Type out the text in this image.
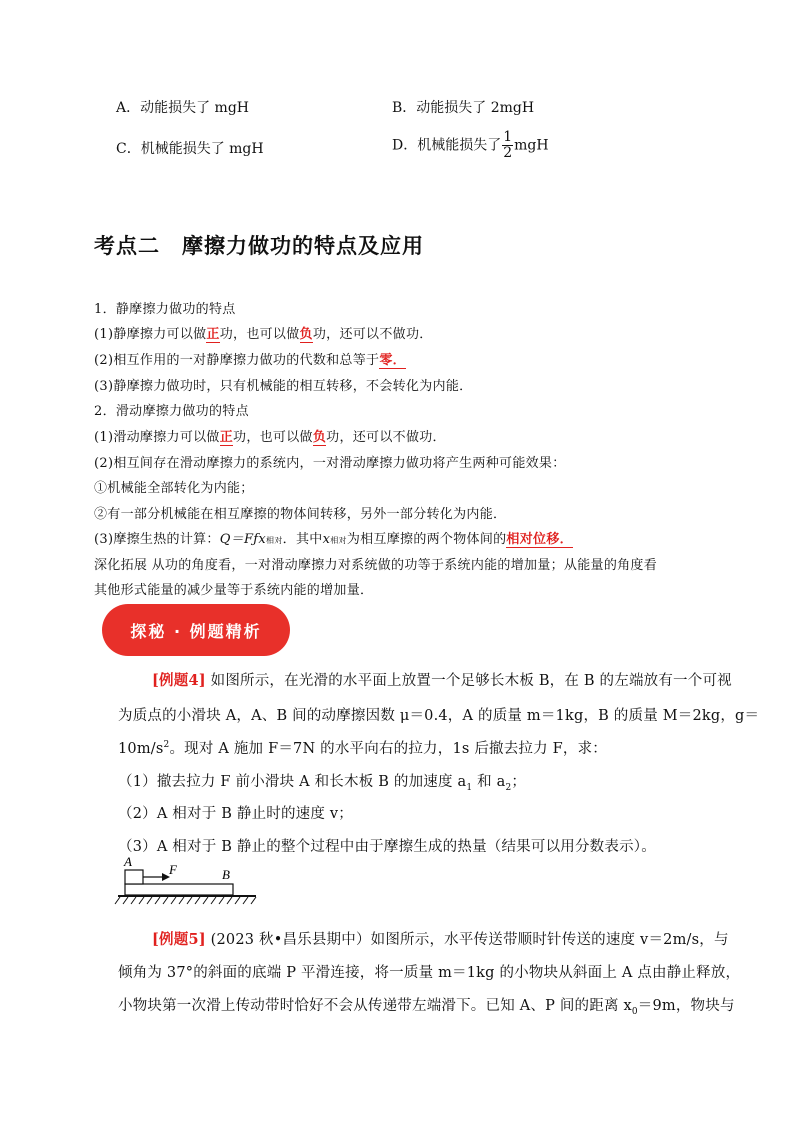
A．动能损失了 mgH	B．动能损失了 2mgH
C．机械能损失了 mgH	D．机械能损失了 $\frac{1}{2}$ mgH
考点二 摩擦力做功的特点及应用
1．静摩擦力做功的特点
(1)静摩擦力可以做正功，也可以做负功，还可以不做功．
(2)相互作用的一对静摩擦力做功的代数和总等于零．
(3)静摩擦力做功时，只有机械能的相互转移，不会转化为内能．
2．滑动摩擦力做功的特点
(1)滑动摩擦力可以做正功，也可以做负功，还可以不做功．
(2)相互间存在滑动摩擦力的系统内，一对滑动摩擦力做功将产生两种可能效果：
①机械能全部转化为内能；
②有一部分机械能在相互摩擦的物体间转移，另外一部分转化为内能．
(3)摩擦生热的计算：Q＝Fƒx相对．其中x相对为相互摩擦的两个物体间的相对位移．
深化拓展 从功的角度看，一对滑动摩擦力对系统做的功等于系统内能的增加量；从能量的角度看
其他形式能量的减少量等于系统内能的增加量．
探秘 · 例题精析
[例题4] 如图所示，在光滑的水平面上放置一个足够长木板 B，在 B 的左端放有一个可视
为质点的小滑块 A，A、B 间的动摩擦因数 μ＝0.4，A 的质量 m＝1kg，B 的质量 M＝2kg，g＝
$10m/s^2$。现对 A 施加 F＝7N 的水平向右的拉力，1s 后撤去拉力 F，求：
（1）撤去拉力 F 前小滑块 A 和长木板 B 的加速度 $a_1$ 和 $a_2$；
（2）A 相对于 B 静止时的速度 v；
（3）A 相对于 B 静止的整个过程中由于摩擦生成的热量（结果可以用分数表示）。
A
F	B
[例题5] (2023 秋•昌乐县期中）如图所示，水平传送带顺时针传送的速度 v＝2m/s，与
倾角为 37°的斜面的底端 P 平滑连接，将一质量 m＝1kg 的小物块从斜面上 A 点由静止释放，
小物块第一次滑上传动带时恰好不会从传递带左端滑下。已知 A、P 间的距离 $x_0=9m$，物块与
